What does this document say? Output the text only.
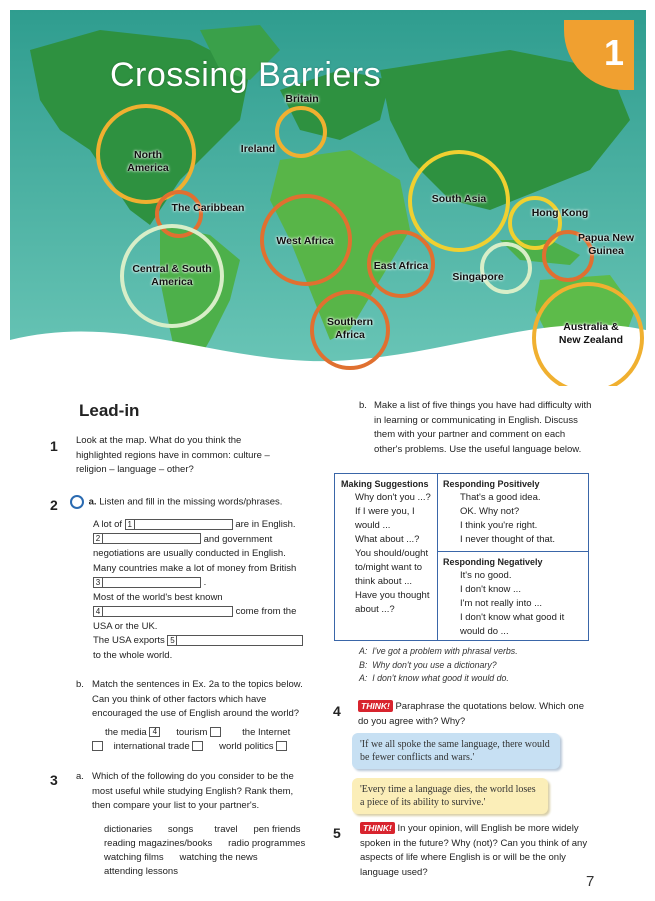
1
Crossing Barriers
North America
Britain
Ireland
The Caribbean
Central & South America
West Africa
East Africa
Southern Africa
South Asia
Hong Kong
Singapore
Papua New Guinea
Australia & New Zealand
Lead-in
1 Look at the map. What do you think the highlighted regions have in common: culture – religion – language – other?
2	a. Listen and fill in the missing words/phrases.
A lot of 1	are in English.
2	and government
negotiations are usually conducted in English.
Many countries make a lot of money from British
3	.
Most of the world's best known
4	come from the
USA or the UK.
The USA exports 5
to the whole world.
b. Match the sentences in Ex. 2a to the topics below. Can you think of other factors which have encouraged the use of English around the world?
the media 4 tourism	the Internet
international trade	world politics
3 a. Which of the following do you consider to be the most useful while studying English? Rank them, then compare your list to your partner's.
dictionaries songs travel pen friends
reading magazines/books radio programmes
watching films watching the news
attending lessons
b. Make a list of five things you have had difficulty with in learning or communicating in English. Discuss them with your partner and comment on each other's problems. Use the useful language below.
Making Suggestions
Why don't you ...?
If I were you, I
would ...
What about ...?
You should/ought
to/might want to
think about ...
Have you thought
about ...?
Responding Positively
That's a good idea.
OK. Why not?
I think you're right.
I never thought of that.
Responding Negatively
It's no good.
I don't know ...
I'm not really into ...
I don't know what good it
would do ...
A: I've got a problem with phrasal verbs.
B: Why don't you use a dictionary?
A: I don't know what good it would do.
4	THINK! Paraphrase the quotations below. Which one do you agree with? Why?
'If we all spoke the same language, there would be fewer conflicts and wars.'
'Every time a language dies, the world loses a piece of its ability to survive.'
5	THINK! In your opinion, will English be more widely spoken in the future? Why (not)? Can you think of any aspects of life where English is or will be the only language used?
7
